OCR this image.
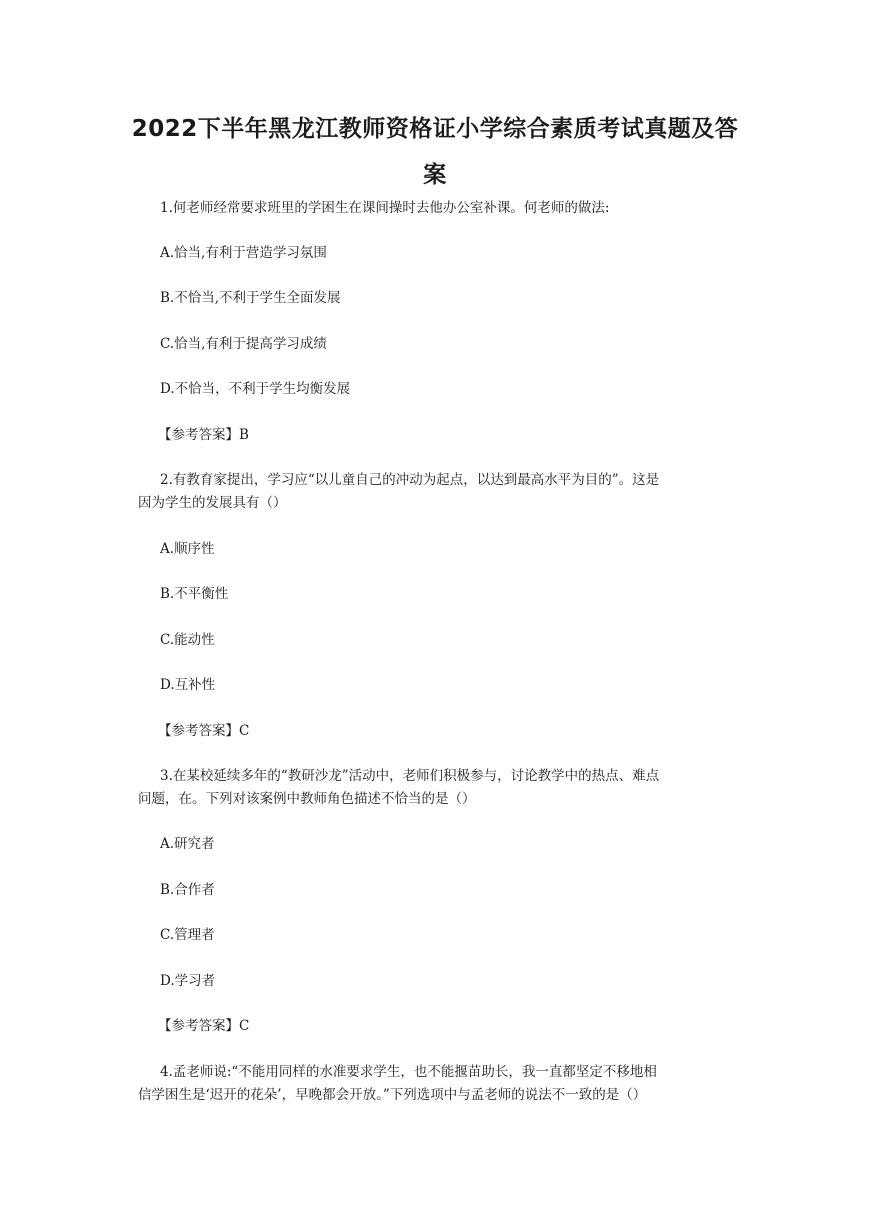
2022下半年黑龙江教师资格证小学综合素质考试真题及答
案
1.何老师经常要求班里的学困生在课间操时去他办公室补课。何老师的做法:
A.恰当,有利于营造学习氛围
B.不恰当,不利于学生全面发展
C.恰当,有利于提高学习成绩
D.不恰当，不利于学生均衡发展
【参考答案】B
2.有教育家提出，学习应“以儿童自己的冲动为起点，以达到最高水平为目的”。这是
因为学生的发展具有（）
A.顺序性
B.不平衡性
C.能动性
D.互补性
【参考答案】C
3.在某校延续多年的“教研沙龙”活动中，老师们积极参与，讨论教学中的热点、难点
问题，在。下列对该案例中教师角色描述不恰当的是（）
A.研究者
B.合作者
C.管理者
D.学习者
【参考答案】C
4.孟老师说:“不能用同样的水准要求学生，也不能揠苗助长，我一直都坚定不移地相
信学困生是‘迟开的花朵’，早晚都会开放。”下列选项中与孟老师的说法不一致的是（）
